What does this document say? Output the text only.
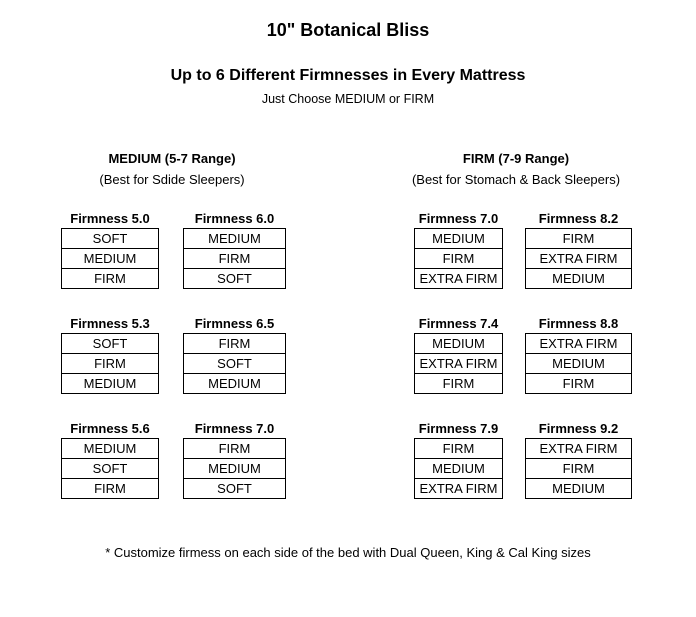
10" Botanical Bliss
Up to 6 Different Firmnesses in Every Mattress
Just Choose MEDIUM or FIRM
MEDIUM (5-7 Range)
(Best for Sdide Sleepers)
FIRM (7-9 Range)
(Best for Stomach & Back Sleepers)
Firmness 5.0
SOFT
MEDIUM
FIRM
Firmness 6.0
MEDIUM
FIRM
SOFT
Firmness 5.3
SOFT
FIRM
MEDIUM
Firmness 6.5
FIRM
SOFT
MEDIUM
Firmness 5.6
MEDIUM
SOFT
FIRM
Firmness 7.0
FIRM
MEDIUM
SOFT
Firmness 7.0
MEDIUM
FIRM
EXTRA FIRM
Firmness 8.2
FIRM
EXTRA FIRM
MEDIUM
Firmness 7.4
MEDIUM
EXTRA FIRM
FIRM
Firmness 8.8
EXTRA FIRM
MEDIUM
FIRM
Firmness 7.9
FIRM
MEDIUM
EXTRA FIRM
Firmness 9.2
EXTRA FIRM
FIRM
MEDIUM
* Customize firmess on each side of the bed with Dual Queen, King & Cal King sizes
